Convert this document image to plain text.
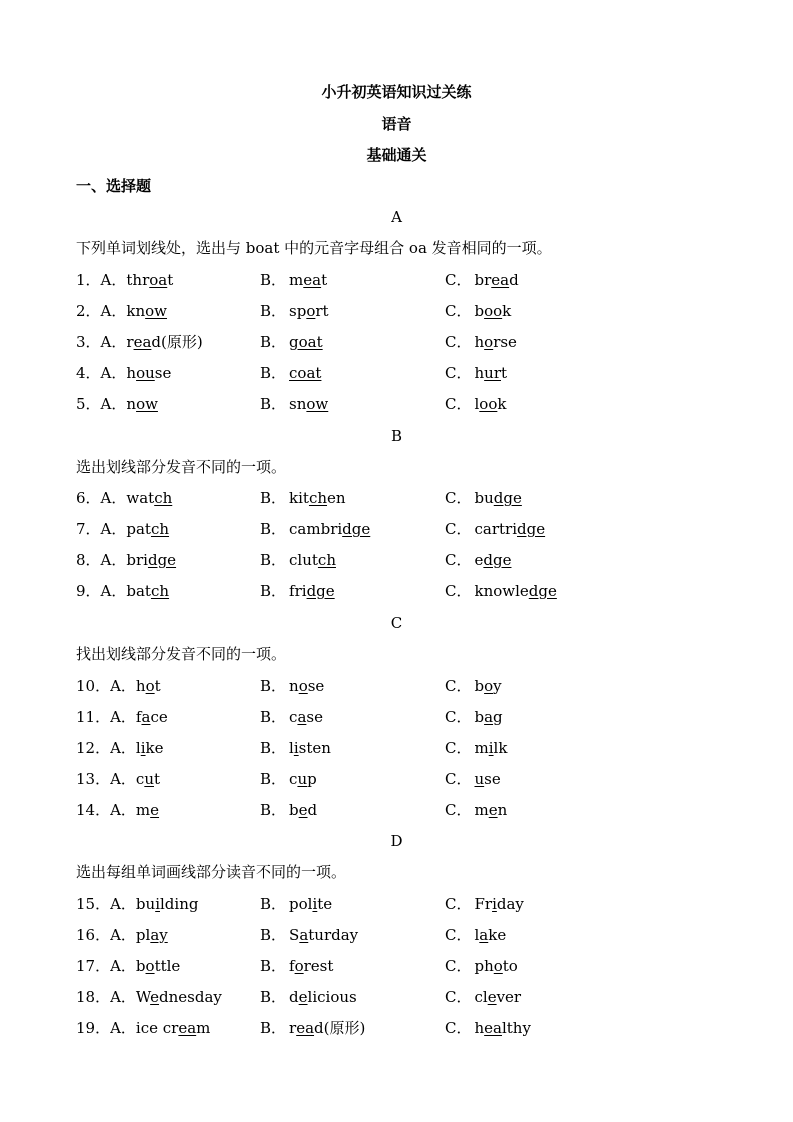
小升初英语知识过关练
语音
基础通关
一、选择题
A
下列单词划线处，选出与 boat 中的元音字母组合 oa 发音相同的一项。
1．A．throat	B． meat	C． bread
2．A．know	B． sport	C． book
3．A．read(原形)	B． goat	C． horse
4．A．house	B． coat	C． hurt
5．A．now	B． snow	C． look
B
选出划线部分发音不同的一项。
6．A．watch	B． kitchen	C． budge
7．A．patch	B． cambridge	C． cartridge
8．A．bridge	B． clutch	C． edge
9．A．batch	B． fridge	C． knowledge
C
找出划线部分发音不同的一项。
10．A．hot	B． nose	C． boy
11．A．face	B． case	C． bag
12．A．like	B． listen	C． milk
13．A．cut	B． cup	C． use
14．A．me	B． bed	C． men
D
选出每组单词画线部分读音不同的一项。
15．A．building	B． polite	C． Friday
16．A．play	B． Saturday	C． lake
17．A．bottle	B． forest	C． photo
18．A．Wednesday	B． delicious	C． clever
19．A．ice cream	B． read(原形)	C． healthy
